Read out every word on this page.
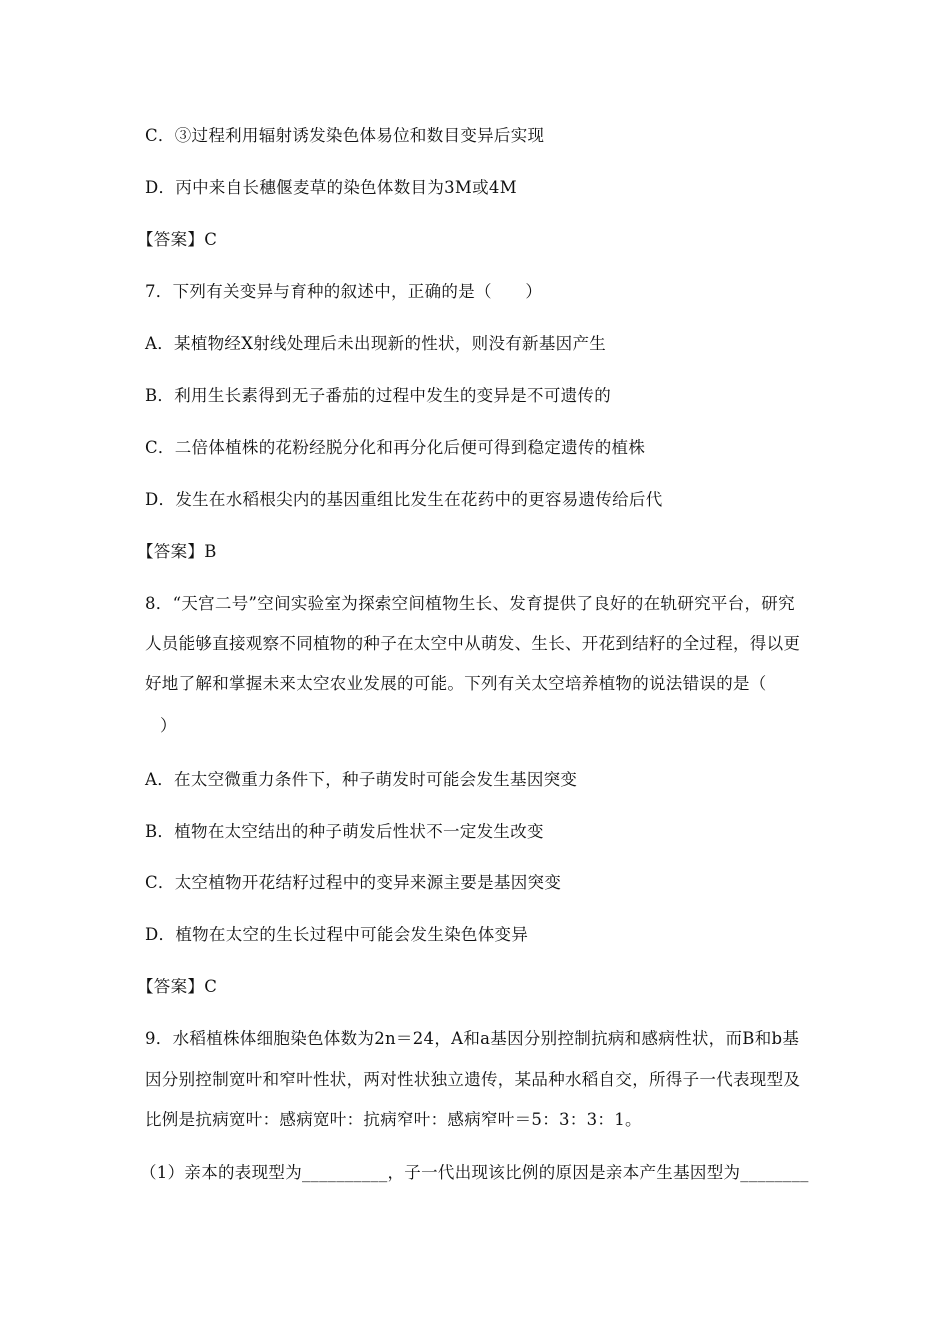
C．③过程利用辐射诱发染色体易位和数目变异后实现
D．丙中来自长穗偃麦草的染色体数目为3M或4M
【答案】C
7．下列有关变异与育种的叙述中，正确的是（　　）
A．某植物经X射线处理后未出现新的性状，则没有新基因产生
B．利用生长素得到无子番茄的过程中发生的变异是不可遗传的
C．二倍体植株的花粉经脱分化和再分化后便可得到稳定遗传的植株
D．发生在水稻根尖内的基因重组比发生在花药中的更容易遗传给后代
【答案】B
8．“天宫二号”空间实验室为探索空间植物生长、发育提供了良好的在轨研究平台，研究
人员能够直接观察不同植物的种子在太空中从萌发、生长、开花到结籽的全过程，得以更
好地了解和掌握未来太空农业发展的可能。下列有关太空培养植物的说法错误的是（
）
A．在太空微重力条件下，种子萌发时可能会发生基因突变
B．植物在太空结出的种子萌发后性状不一定发生改变
C．太空植物开花结籽过程中的变异来源主要是基因突变
D．植物在太空的生长过程中可能会发生染色体变异
【答案】C
9．水稻植株体细胞染色体数为2n＝24，A和a基因分别控制抗病和感病性状，而B和b基
因分别控制宽叶和窄叶性状，两对性状独立遗传，某品种水稻自交，所得子一代表现型及
比例是抗病宽叶：感病宽叶：抗病窄叶：感病窄叶＝5：3：3：1。
（1）亲本的表现型为__________，子一代出现该比例的原因是亲本产生基因型为________
